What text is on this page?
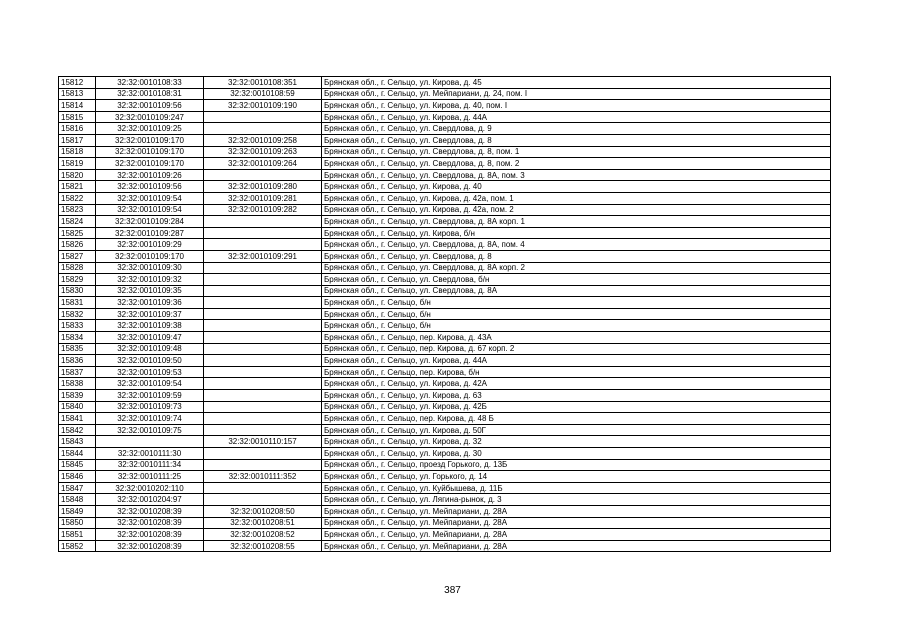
15812	32:32:0010108:33	32:32:0010108:351	Брянская обл., г. Сельцо, ул. Кирова, д. 45
15813	32:32:0010108:31	32:32:0010108:59	Брянская обл., г. Сельцо, ул. Мейпариани, д. 24, пом. I
15814	32:32:0010109:56	32:32:0010109:190	Брянская обл., г. Сельцо, ул. Кирова, д. 40, пом. I
15815	32:32:0010109:247		Брянская обл., г. Сельцо, ул. Кирова, д. 44А
15816	32:32:0010109:25		Брянская обл., г. Сельцо, ул. Свердлова, д. 9
15817	32:32:0010109:170	32:32:0010109:258	Брянская обл., г. Сельцо, ул. Свердлова, д. 8
15818	32:32:0010109:170	32:32:0010109:263	Брянская обл., г. Сельцо, ул. Свердлова, д. 8, пом. 1
15819	32:32:0010109:170	32:32:0010109:264	Брянская обл., г. Сельцо, ул. Свердлова, д. 8, пом. 2
15820	32:32:0010109:26		Брянская обл., г. Сельцо, ул. Свердлова, д. 8А, пом. 3
15821	32:32:0010109:56	32:32:0010109:280	Брянская обл., г. Сельцо, ул. Кирова, д. 40
15822	32:32:0010109:54	32:32:0010109:281	Брянская обл., г. Сельцо, ул. Кирова, д. 42а, пом. 1
15823	32:32:0010109:54	32:32:0010109:282	Брянская обл., г. Сельцо, ул. Кирова, д. 42а, пом. 2
15824	32:32:0010109:284		Брянская обл., г. Сельцо, ул. Свердлова, д. 8А корп. 1
15825	32:32:0010109:287		Брянская обл., г. Сельцо, ул. Кирова, б/н
15826	32:32:0010109:29		Брянская обл., г. Сельцо, ул. Свердлова, д. 8А, пом. 4
15827	32:32:0010109:170	32:32:0010109:291	Брянская обл., г. Сельцо, ул. Свердлова, д. 8
15828	32:32:0010109:30		Брянская обл., г. Сельцо, ул. Свердлова, д. 8А корп. 2
15829	32:32:0010109:32		Брянская обл., г. Сельцо, ул. Свердлова, б/н
15830	32:32:0010109:35		Брянская обл., г. Сельцо, ул. Свердлова, д. 8А
15831	32:32:0010109:36		Брянская обл., г. Сельцо, б/н
15832	32:32:0010109:37		Брянская обл., г. Сельцо, б/н
15833	32:32:0010109:38		Брянская обл., г. Сельцо, б/н
15834	32:32:0010109:47		Брянская обл., г. Сельцо, пер. Кирова, д. 43А
15835	32:32:0010109:48		Брянская обл., г. Сельцо, пер. Кирова, д. 67 корп. 2
15836	32:32:0010109:50		Брянская обл., г. Сельцо, ул. Кирова, д. 44А
15837	32:32:0010109:53		Брянская обл., г. Сельцо, пер. Кирова, б/н
15838	32:32:0010109:54		Брянская обл., г. Сельцо, ул. Кирова, д. 42А
15839	32:32:0010109:59		Брянская обл., г. Сельцо, ул. Кирова, д. 63
15840	32:32:0010109:73		Брянская обл., г. Сельцо, ул. Кирова, д. 42Б
15841	32:32:0010109:74		Брянская обл., г. Сельцо, пер. Кирова, д. 48 Б
15842	32:32:0010109:75		Брянская обл., г. Сельцо, ул. Кирова, д. 50Г
15843		32:32:0010110:157	Брянская обл., г. Сельцо, ул. Кирова, д. 32
15844	32:32:0010111:30		Брянская обл., г. Сельцо, ул. Кирова, д. 30
15845	32:32:0010111:34		Брянская обл., г. Сельцо, проезд Горького, д. 13Б
15846	32:32:0010111:25	32:32:0010111:352	Брянская обл., г. Сельцо, ул. Горького, д. 14
15847	32:32:0010202:110		Брянская обл., г. Сельцо, ул. Куйбышева, д. 11Б
15848	32:32:0010204:97		Брянская обл., г. Сельцо, ул. Лягина-рынок, д. 3
15849	32:32:0010208:39	32:32:0010208:50	Брянская обл., г. Сельцо, ул. Мейпариани, д. 28А
15850	32:32:0010208:39	32:32:0010208:51	Брянская обл., г. Сельцо, ул. Мейпариани, д. 28А
15851	32:32:0010208:39	32:32:0010208:52	Брянская обл., г. Сельцо, ул. Мейпариани, д. 28А
15852	32:32:0010208:39	32:32:0010208:55	Брянская обл., г. Сельцо, ул. Мейпариани, д. 28А
387
